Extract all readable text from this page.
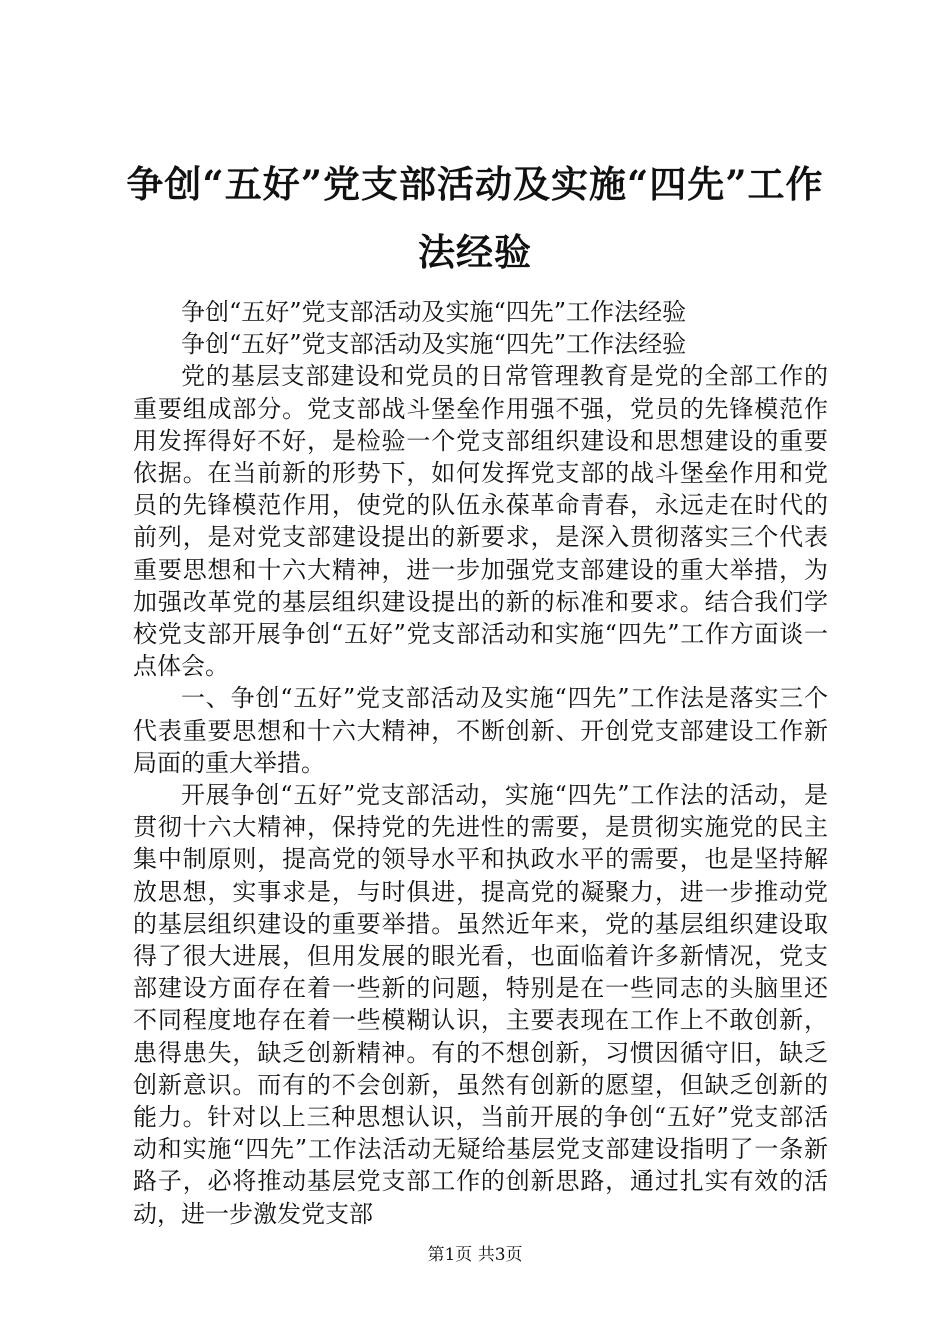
争创“五好”党支部活动及实施“四先”工作
法经验

争创“五好”党支部活动及实施“四先”工作法经验

争创“五好”党支部活动及实施“四先”工作法经验

党的基层支部建设和党员的日常管理教育是党的全部工作的重要组成部分。党支部战斗堡垒作用强不强，党员的先锋模范作用发挥得好不好，是检验一个党支部组织建设和思想建设的重要依据。在当前新的形势下，如何发挥党支部的战斗堡垒作用和党员的先锋模范作用，使党的队伍永葆革命青春，永远走在时代的前列，是对党支部建设提出的新要求，是深入贯彻落实三个代表重要思想和十六大精神，进一步加强党支部建设的重大举措，为加强改革党的基层组织建设提出的新的标准和要求。结合我们学校党支部开展争创“五好”党支部活动和实施“四先”工作方面谈一点体会。

一、争创“五好”党支部活动及实施“四先”工作法是落实三个代表重要思想和十六大精神，不断创新、开创党支部建设工作新局面的重大举措。

开展争创“五好”党支部活动，实施“四先”工作法的活动，是贯彻十六大精神，保持党的先进性的需要，是贯彻实施党的民主集中制原则，提高党的领导水平和执政水平的需要，也是坚持解放思想，实事求是，与时俱进，提高党的凝聚力，进一步推动党的基层组织建设的重要举措。虽然近年来，党的基层组织建设取得了很大进展，但用发展的眼光看，也面临着许多新情况，党支部建设方面存在着一些新的问题，特别是在一些同志的头脑里还不同程度地存在着一些模糊认识，主要表现在工作上不敢创新，患得患失，缺乏创新精神。有的不想创新，习惯因循守旧，缺乏创新意识。而有的不会创新，虽然有创新的愿望，但缺乏创新的能力。针对以上三种思想认识，当前开展的争创“五好”党支部活动和实施“四先”工作法活动无疑给基层党支部建设指明了一条新路子，必将推动基层党支部工作的创新思路，通过扎实有效的活动，进一步激发党支部

第1页 共3页
